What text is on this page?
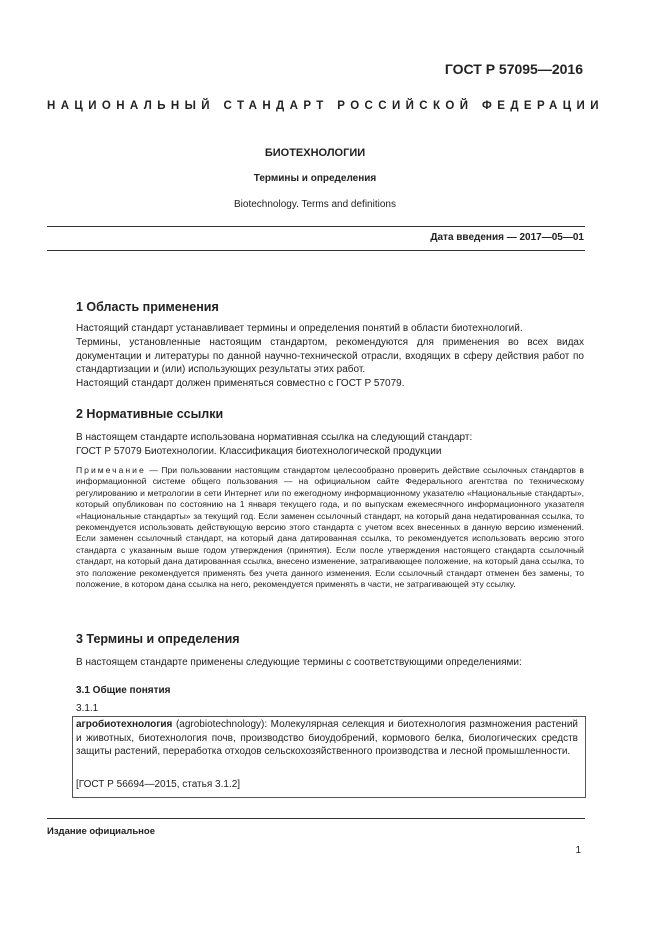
ГОСТ Р 57095—2016
НАЦИОНАЛЬНЫЙ СТАНДАРТ РОССИЙСКОЙ ФЕДЕРАЦИИ
БИОТЕХНОЛОГИИ
Термины и определения
Biotechnology. Terms and definitions
Дата введения — 2017—05—01
1 Область применения

Настоящий стандарт устанавливает термины и определения понятий в области биотехнологий.

Термины, установленные настоящим стандартом, рекомендуются для применения во всех видах документации и литературы по данной научно-технической отрасли, входящих в сферу действия работ по стандартизации и (или) использующих результаты этих работ.

Настоящий стандарт должен применяться совместно с ГОСТ Р 57079.

2 Нормативные ссылки

В настоящем стандарте использована нормативная ссылка на следующий стандарт:

ГОСТ Р 57079 Биотехнологии. Классификация биотехнологической продукции

Примечание — При пользовании настоящим стандартом целесообразно проверить действие ссылочных стандартов в информационной системе общего пользования — на официальном сайте Федерального агентства по техническому регулированию и метрологии в сети Интернет или по ежегодному информационному указателю «Национальные стандарты», который опубликован по состоянию на 1 января текущего года, и по выпускам ежемесячного информационного указателя «Национальные стандарты» за текущий год. Если заменен ссылочный стандарт, на который дана недатированная ссылка, то рекомендуется использовать действующую версию этого стандарта с учетом всех внесенных в данную версию изменений. Если заменен ссылочный стандарт, на который дана датированная ссылка, то рекомендуется использовать версию этого стандарта с указанным выше годом утверждения (принятия). Если после утверждения настоящего стандарта ссылочный стандарт, на который дана датированная ссылка, внесено изменение, затрагивающее положение, на который дана ссылка, то это положение рекомендуется применять без учета данного изменения. Если ссылочный стандарт отменен без замены, то положение, в котором дана ссылка на него, рекомендуется применять в части, не затрагивающей эту ссылку.

3 Термины и определения

В настоящем стандарте применены следующие термины с соответствующими определениями:

3.1 Общие понятия

3.1.1

агробиотехнология (agrobiotechnology): Молекулярная селекция и биотехнология размножения растений и животных, биотехнология почв, производство биоудобрений, кормового белка, биологических средств защиты растений, переработка отходов сельскохозяйственного производства и лесной промышленности.

[ГОСТ Р 56694—2015, статья 3.1.2]

Издание официальное
1
